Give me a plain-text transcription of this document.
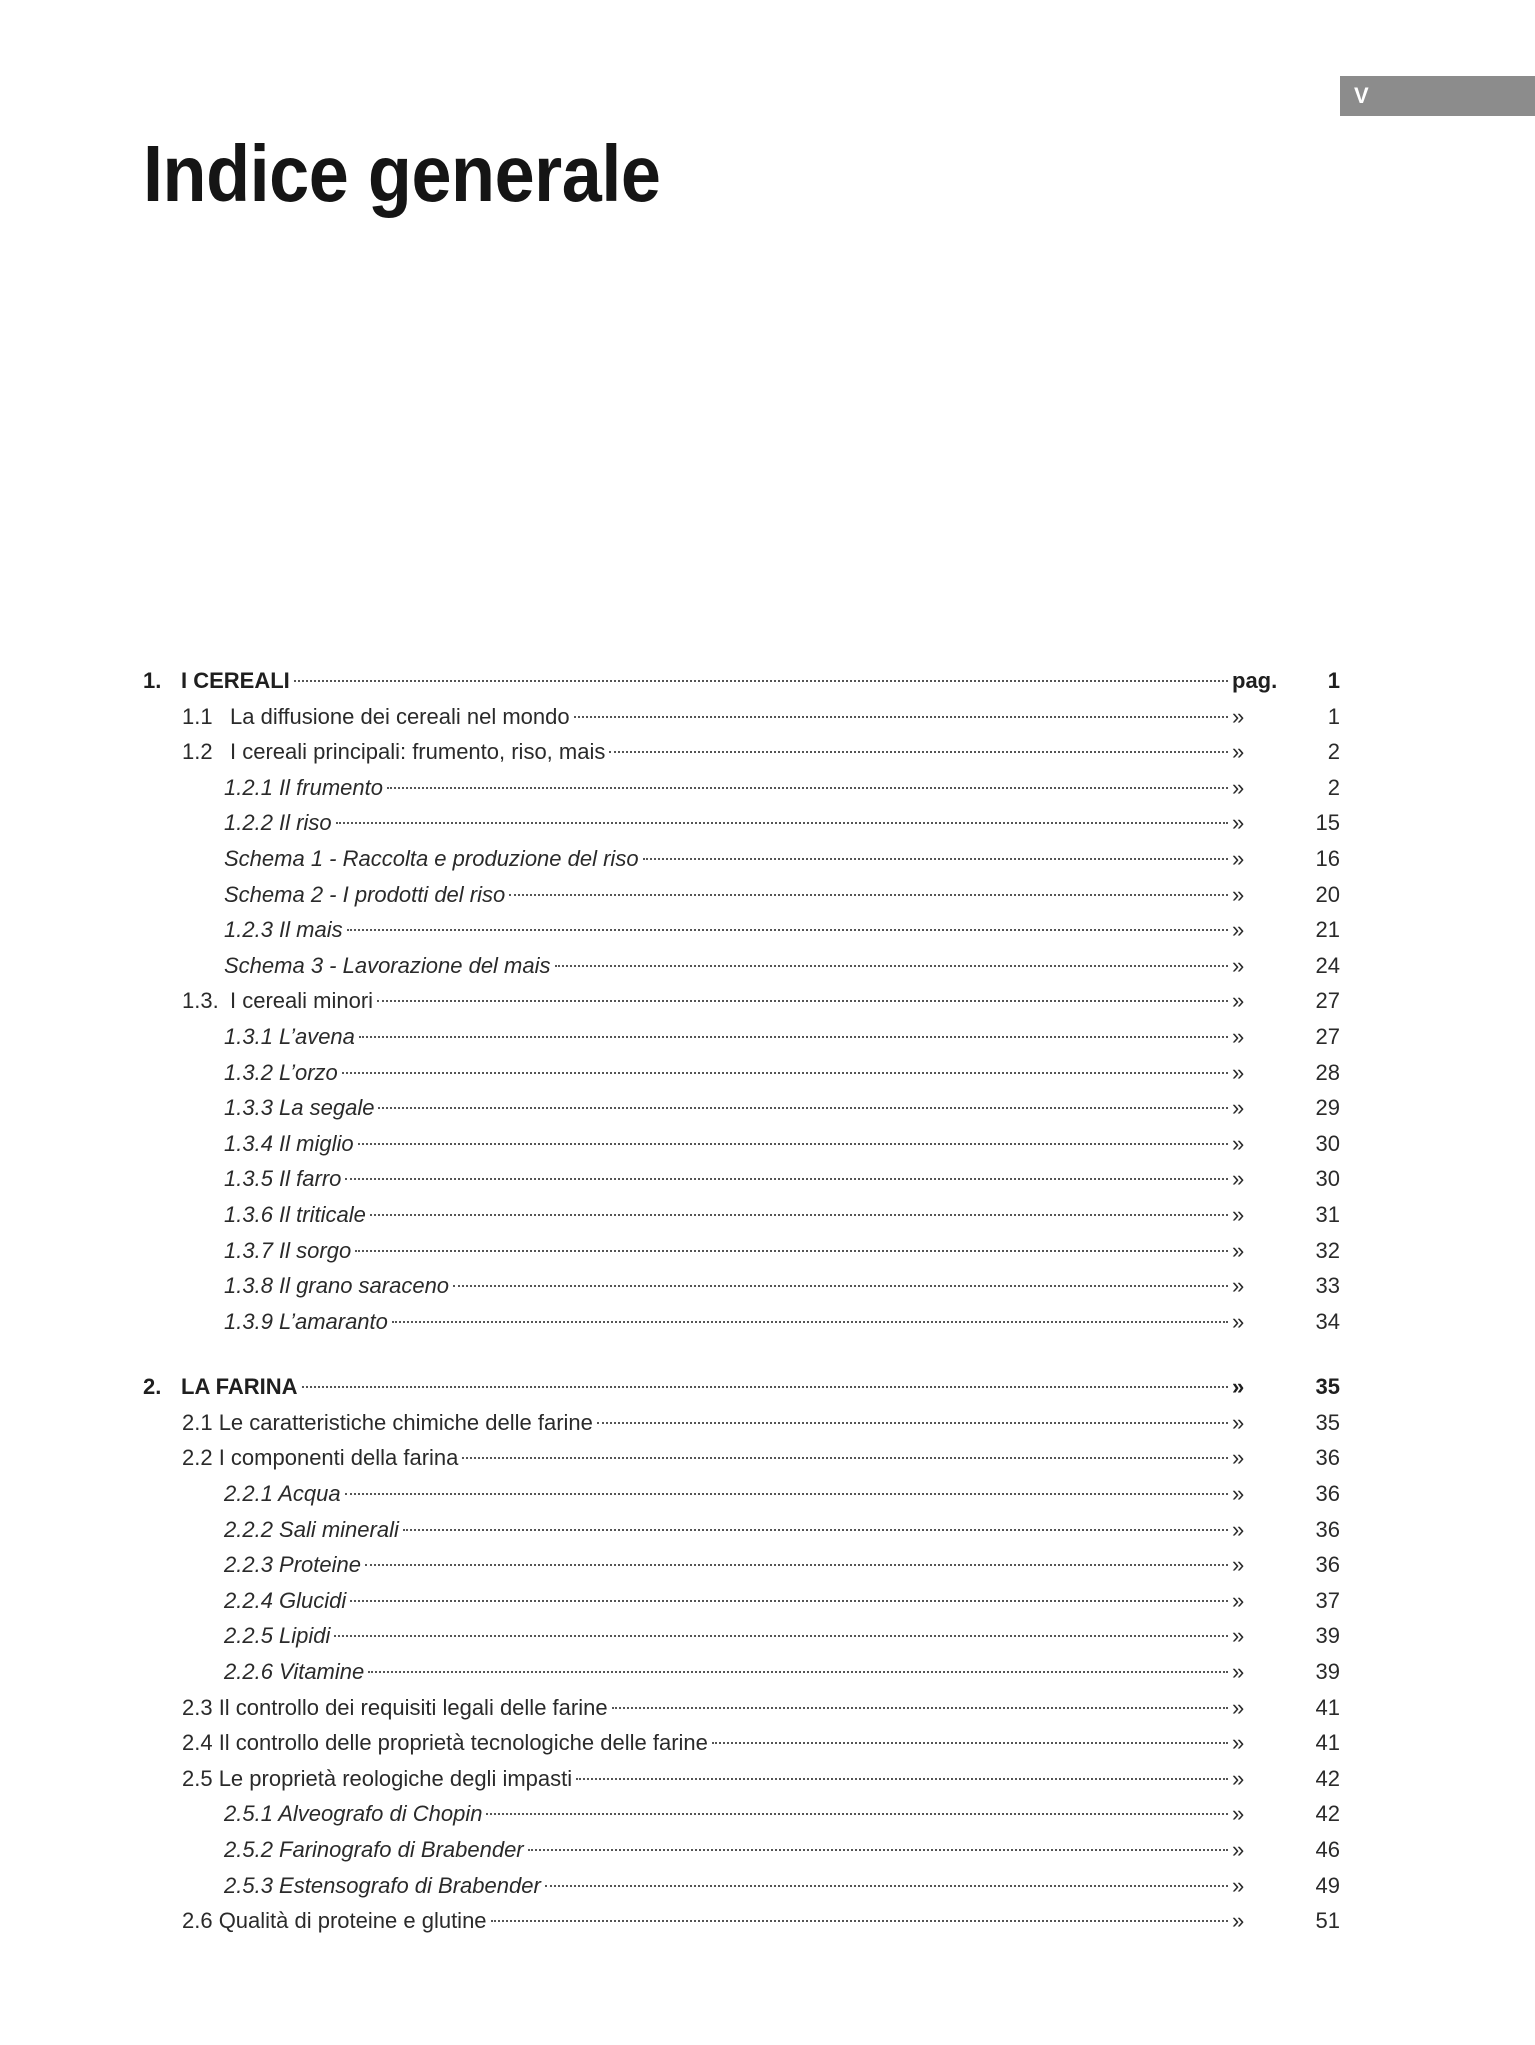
V
Indice generale
1. I CEREALI	pag.	1
1.1 La diffusione dei cereali nel mondo	»	1
1.2 I cereali principali: frumento, riso, mais	»	2
1.2.1 Il frumento	»	2
1.2.2 Il riso	»	15
Schema 1 - Raccolta e produzione del riso	»	16
Schema 2 - I prodotti del riso	»	20
1.2.3 Il mais	»	21
Schema 3 - Lavorazione del mais	»	24
1.3. I cereali minori	»	27
1.3.1 L’avena	»	27
1.3.2 L’orzo	»	28
1.3.3 La segale	»	29
1.3.4 Il miglio	»	30
1.3.5 Il farro	»	30
1.3.6 Il triticale	»	31
1.3.7 Il sorgo	»	32
1.3.8 Il grano saraceno	»	33
1.3.9 L’amaranto	»	34
2. LA FARINA	»	35
2.1 Le caratteristiche chimiche delle farine	»	35
2.2 I componenti della farina	»	36
2.2.1 Acqua	»	36
2.2.2 Sali minerali	»	36
2.2.3 Proteine	»	36
2.2.4 Glucidi	»	37
2.2.5 Lipidi	»	39
2.2.6 Vitamine	»	39
2.3 Il controllo dei requisiti legali delle farine	»	41
2.4 Il controllo delle proprietà tecnologiche delle farine	»	41
2.5 Le proprietà reologiche degli impasti	»	42
2.5.1 Alveografo di Chopin	»	42
2.5.2 Farinografo di Brabender	»	46
2.5.3 Estensografo di Brabender	»	49
2.6 Qualità di proteine e glutine	»	51
